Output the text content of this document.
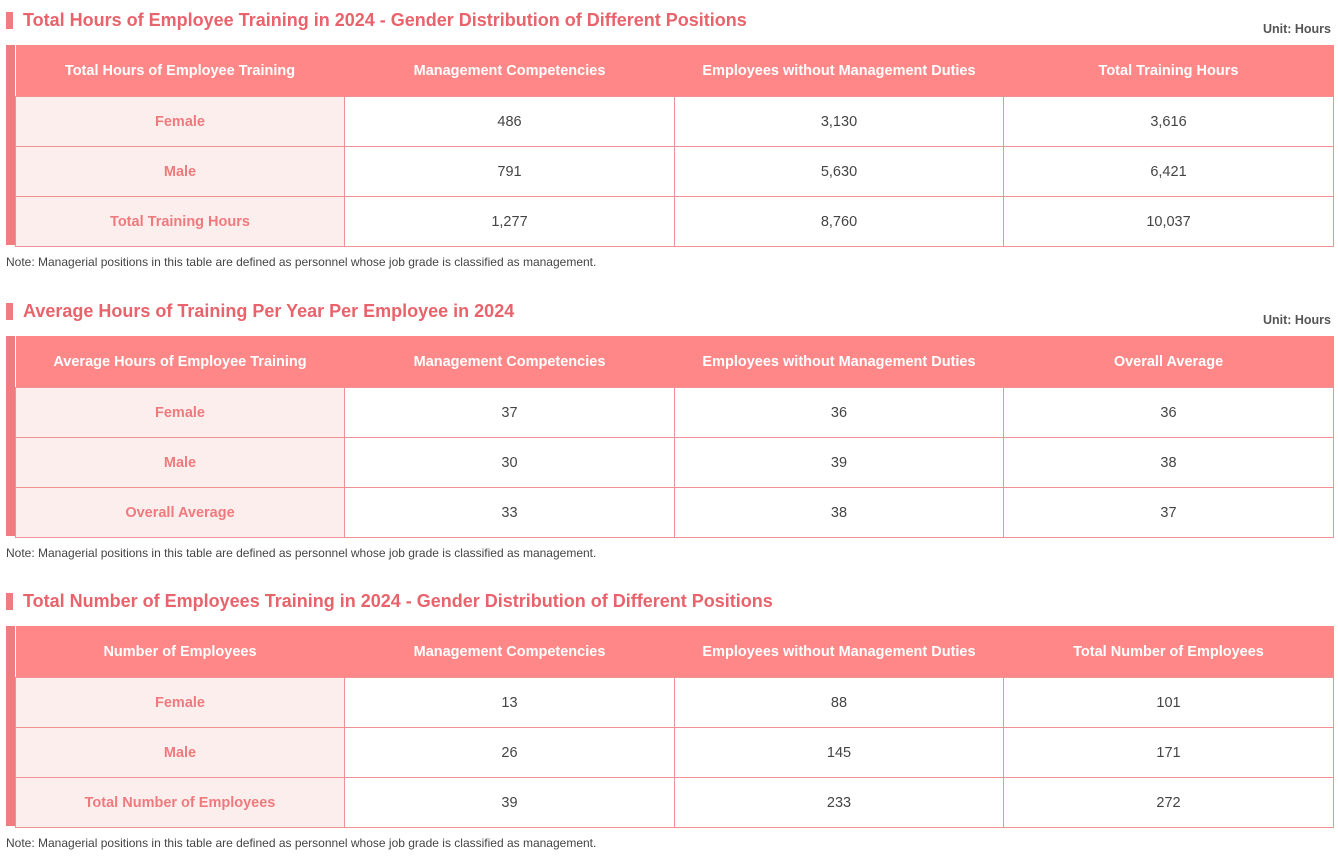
Total Hours of Employee Training in 2024 - Gender Distribution of Different Positions	Unit: Hours
Total Hours of Employee Training	Management Competencies	Employees without Management Duties	Total Training Hours
Female	486	3,130	3,616
Male	791	5,630	6,421
Total Training Hours	1,277	8,760	10,037
Note: Managerial positions in this table are defined as personnel whose job grade is classified as management.
Average Hours of Training Per Year Per Employee in 2024	Unit: Hours
Average Hours of Employee Training	Management Competencies	Employees without Management Duties	Overall Average
Female	37	36	36
Male	30	39	38
Overall Average	33	38	37
Note: Managerial positions in this table are defined as personnel whose job grade is classified as management.
Total Number of Employees Training in 2024 - Gender Distribution of Different Positions
Number of Employees	Management Competencies	Employees without Management Duties	Total Number of Employees
Female	13	88	101
Male	26	145	171
Total Number of Employees	39	233	272
Note: Managerial positions in this table are defined as personnel whose job grade is classified as management.
